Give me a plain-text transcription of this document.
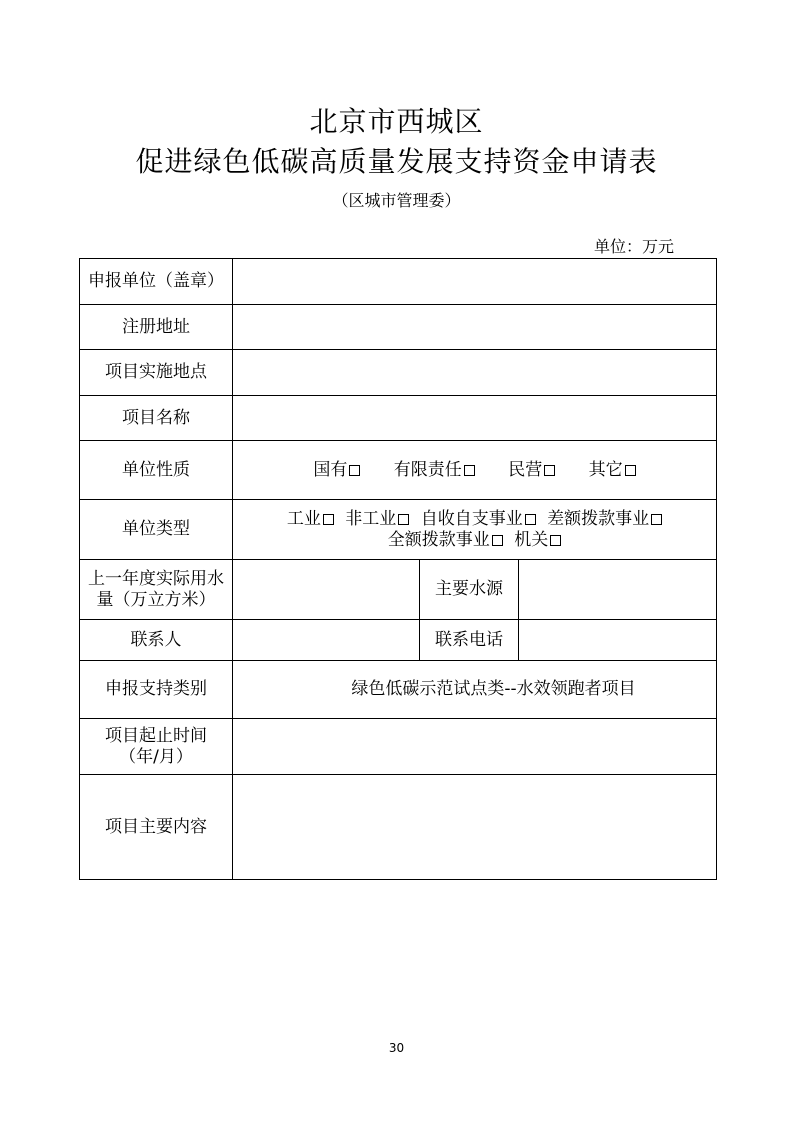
北京市西城区
促进绿色低碳高质量发展支持资金申请表
（区城市管理委）
单位：万元
申报单位（盖章）			
注册地址			
项目实施地点			
项目名称			
单位性质	国有 有限责任 民营 其它		
单位类型	工业 非工业 自收自支事业 差额拨款事业 全额拨款事业 机关		
上一年度实际用水量（万立方米）		主要水源	
联系人		联系电话	
申报支持类别	绿色低碳示范试点类--水效领跑者项目		
项目起止时间（年/月）			
项目主要内容			
30
